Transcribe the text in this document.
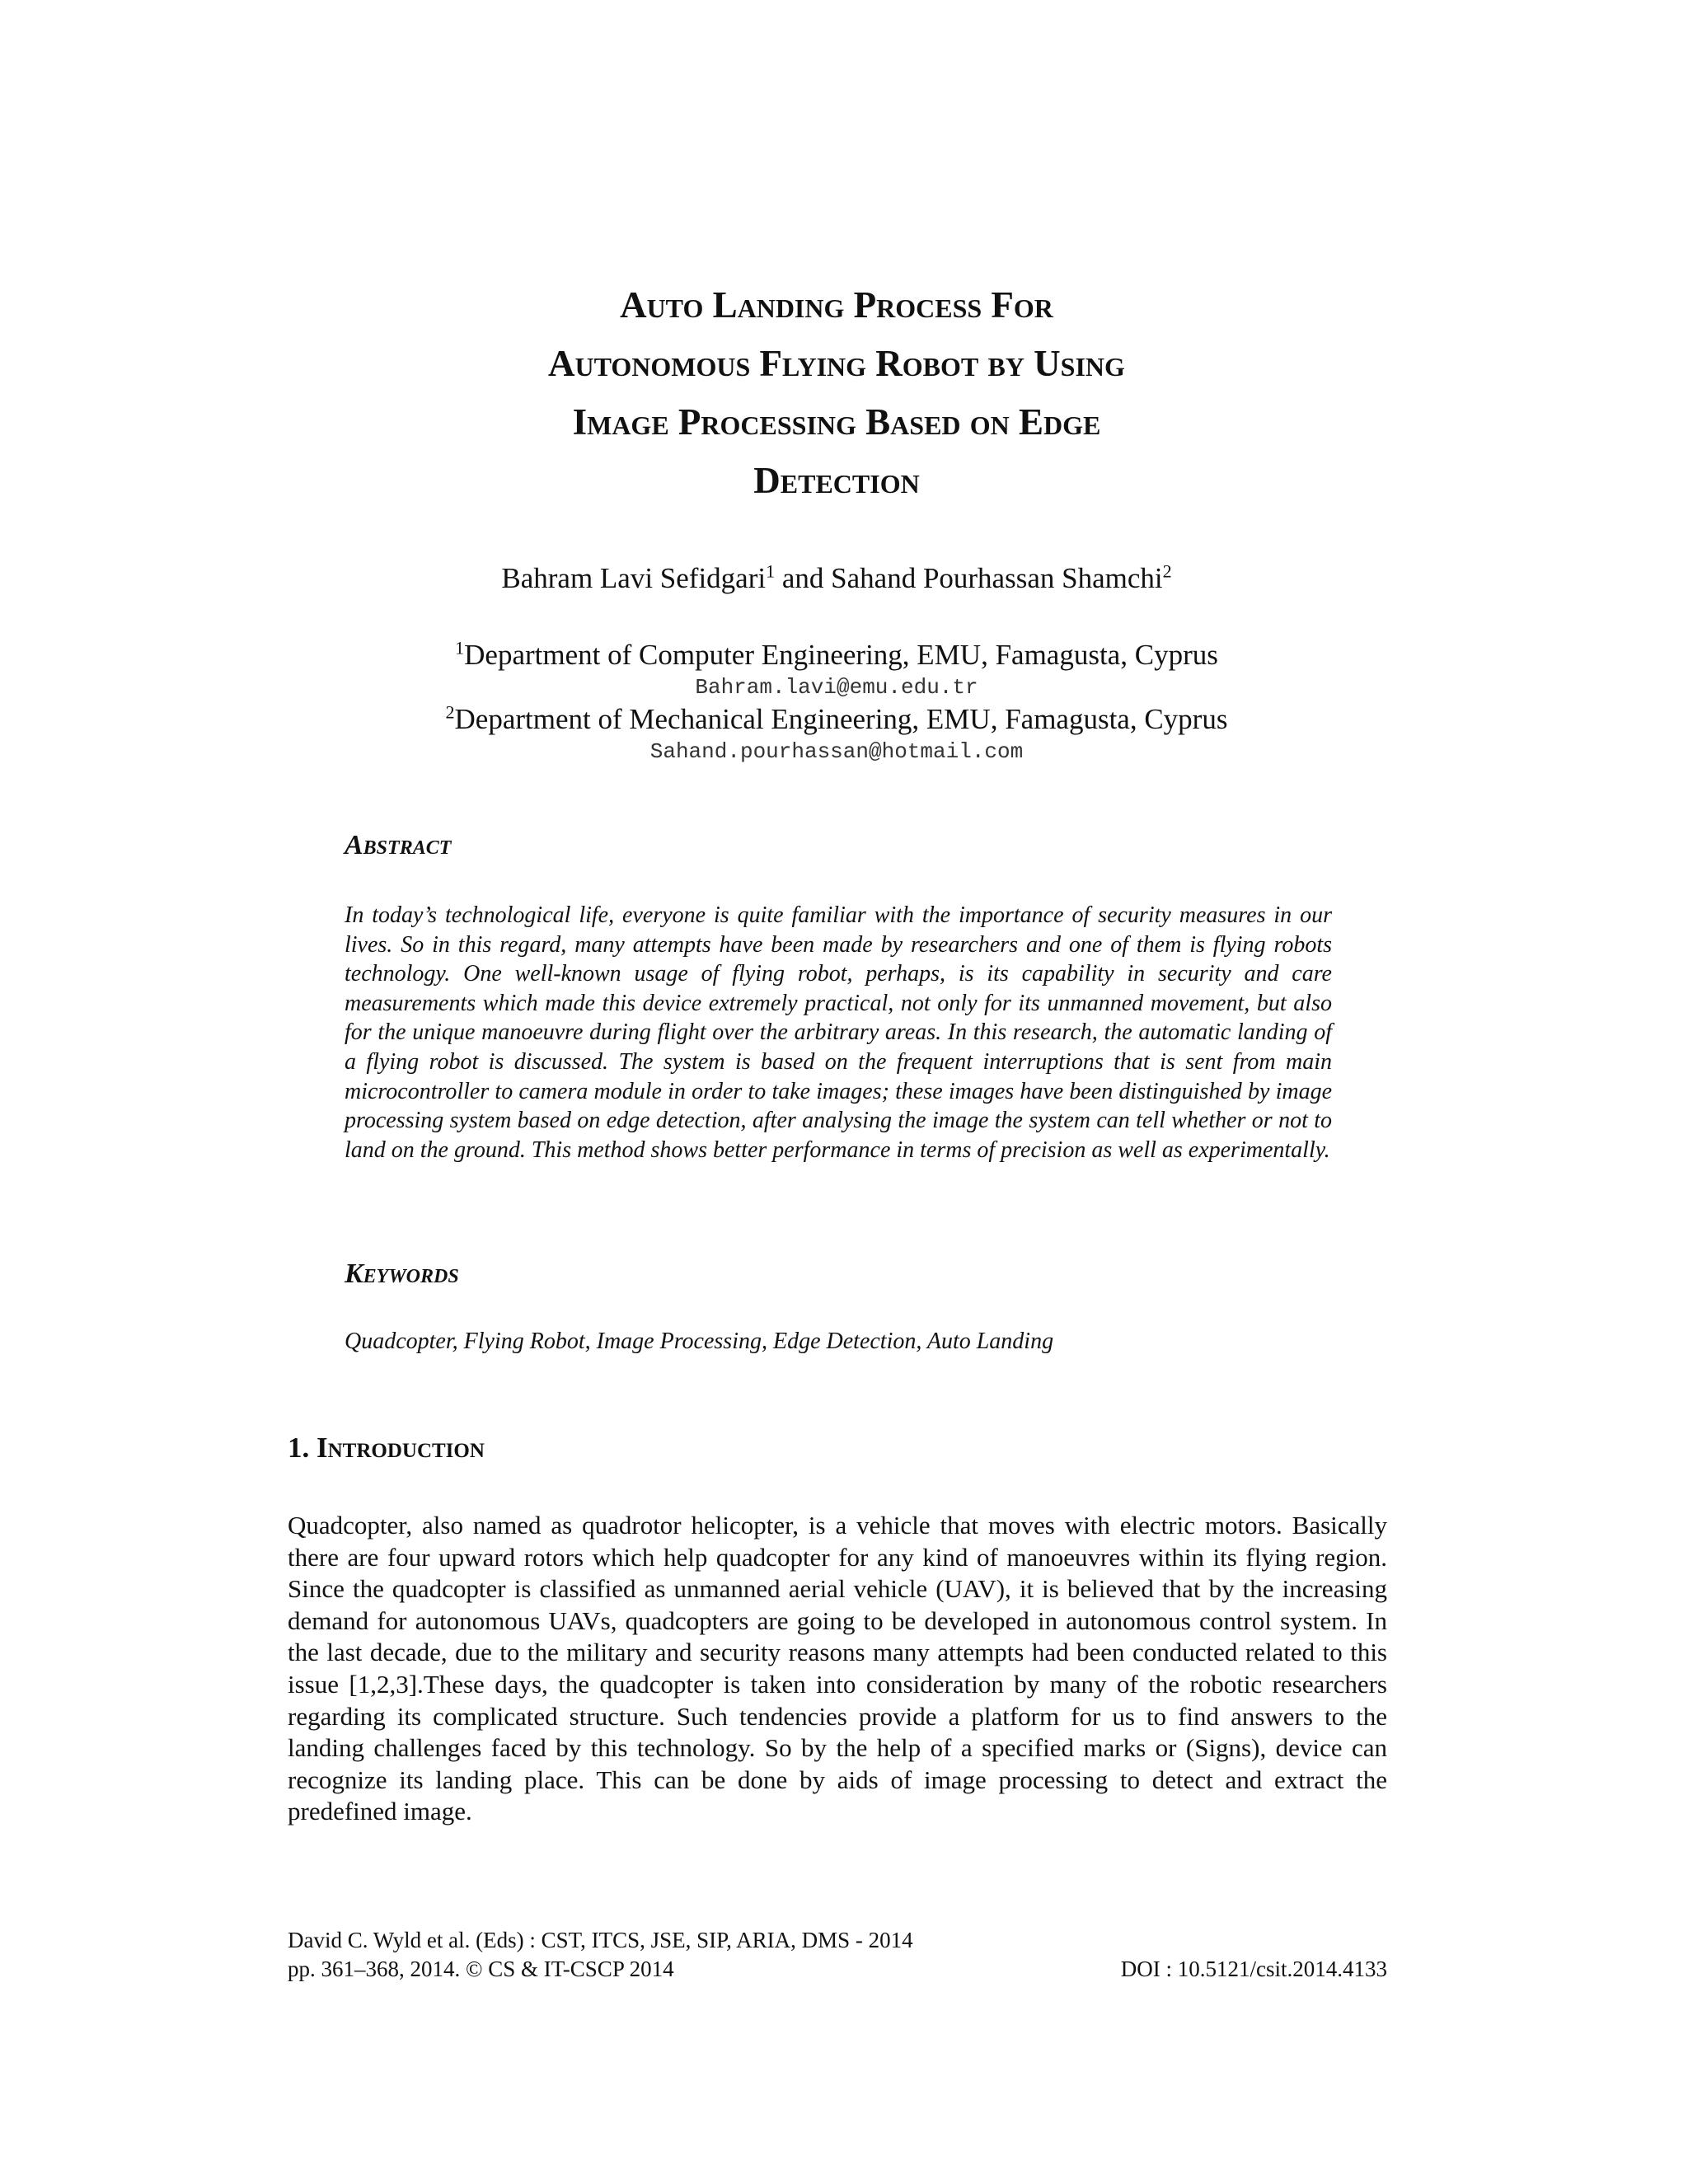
Auto Landing Process For
Autonomous Flying Robot by Using
Image Processing Based on Edge
Detection
Bahram Lavi Sefidgari$^1$ and Sahand Pourhassan Shamchi$^2$
$^1$Department of Computer Engineering, EMU, Famagusta, Cyprus
Bahram.lavi@emu.edu.tr
$^2$Department of Mechanical Engineering, EMU, Famagusta, Cyprus
Sahand.pourhassan@hotmail.com
Abstract
In today’s technological life, everyone is quite familiar with the importance of security measures in our lives. So in this regard, many attempts have been made by researchers and one of them is flying robots technology. One well-known usage of flying robot, perhaps, is its capability in security and care measurements which made this device extremely practical, not only for its unmanned movement, but also for the unique manoeuvre during flight over the arbitrary areas. In this research, the automatic landing of a flying robot is discussed. The system is based on the frequent interruptions that is sent from main microcontroller to camera module in order to take images; these images have been distinguished by image processing system based on edge detection, after analysing the image the system can tell whether or not to land on the ground. This method shows better performance in terms of precision as well as experimentally.
Keywords
Quadcopter, Flying Robot, Image Processing, Edge Detection, Auto Landing
1. Introduction
Quadcopter, also named as quadrotor helicopter, is a vehicle that moves with electric motors. Basically there are four upward rotors which help quadcopter for any kind of manoeuvres within its flying region. Since the quadcopter is classified as unmanned aerial vehicle (UAV), it is believed that by the increasing demand for autonomous UAVs, quadcopters are going to be developed in autonomous control system. In the last decade, due to the military and security reasons many attempts had been conducted related to this issue [1,2,3].These days, the quadcopter is taken into consideration by many of the robotic researchers regarding its complicated structure. Such tendencies provide a platform for us to find answers to the landing challenges faced by this technology. So by the help of a specified marks or (Signs), device can recognize its landing place. This can be done by aids of image processing to detect and extract the predefined image.
David C. Wyld et al. (Eds) : CST, ITCS, JSE, SIP, ARIA, DMS - 2014
pp. 361–368, 2014. © CS & IT-CSCP 2014	DOI : 10.5121/csit.2014.4133
